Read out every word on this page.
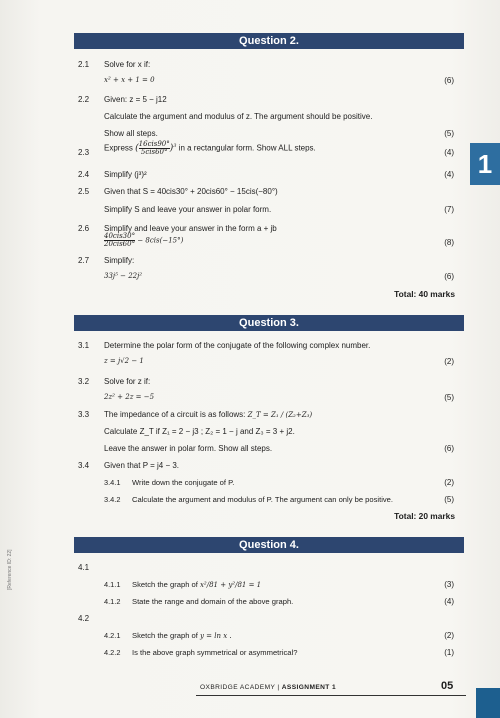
Question 2.
2.1 Solve for x if:
x² + x + 1 = 0	(6)
2.2 Given: z = 5 − j12
Calculate the argument and modulus of z. The argument should be positive.
Show all steps.	(5)
2.3 Express ( $\frac{\text{16cis90°}}{\text{5cis60°}} )^3$ in a rectangular form. Show ALL steps.	(4)
2.4 Simplify (j³)²	(4)
2.5 Given that S = 40cis30° + 20cis60° − 15cis(−80°)
Simplify S and leave your answer in polar form.	(7)
2.6 Simplify and leave your answer in the form a + jb
$\frac{\text{40cis30°}}{\text{20cis60°}} - 8cis(-15^\circ)$	(8)
2.7 Simplify:
33j⁵ − 22j²	(6)
Total: 40 marks
Question 3.
3.1 Determine the polar form of the conjugate of the following complex number.
z = j√2 − 1	(2)
3.2 Solve for z if:
2z² + 2z = −5	(5)
3.3 The impedance of a circuit is as follows: Z_T = Z₁ / (Z₂+Z₃)
Calculate Z_T if Z₁ = 2 − j3 ; Z₂ = 1 − j and Z₃ = 3 + j2.
Leave the answer in polar form. Show all steps.	(6)
3.4 Given that P = j4 − 3.
3.4.1 Write down the conjugate of P.	(2)
3.4.2 Calculate the argument and modulus of P. The argument can only be positive.	(5)
Total: 20 marks
Question 4.
4.1
4.1.1 Sketch the graph of x²/81 + y²/81 = 1	(3)
4.1.2 State the range and domain of the above graph.	(4)
4.2
4.2.1 Sketch the graph of y = ln x .	(2)
4.2.2 Is the above graph symmetrical or asymmetrical?	(1)
1
[Reference ID: 22]
OXBRIDGE ACADEMY | ASSIGNMENT 1	05
